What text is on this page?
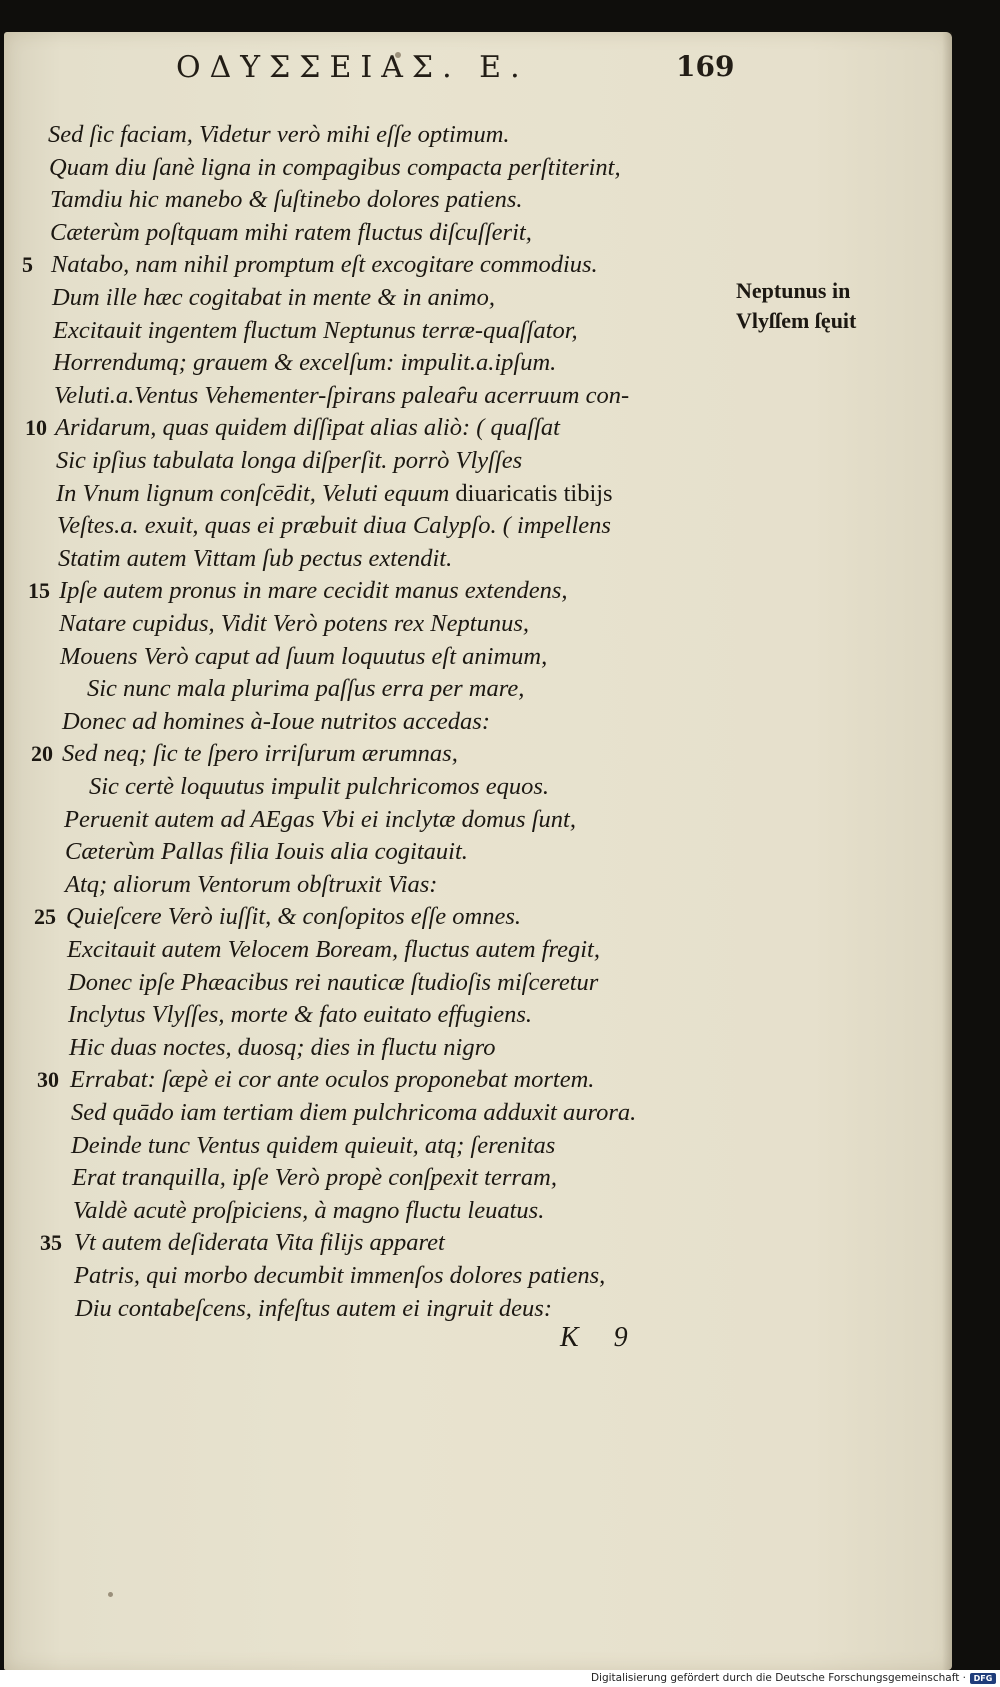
ΟΔΥΣΣΕΙΑΣ. Ε.	169
Sed ſic faciam, Videtur verò mihi eſſe optimum.
Quam diu ſanè ligna in compagibus compacta perſtiterint,
Tamdiu hic manebo & ſuſtinebo dolores patiens.
Cæterùm poſtquam mihi ratem fluctus diſcuſſerit,
Natabo, nam nihil promptum eſt excogitare commodius.
5
Dum ille hæc cogitabat in mente & in animo,
Excitauit ingentem fluctum Neptunus terræ-quaſſator,
Horrendumq; grauem & excelſum: impulit.a.ipſum.
Veluti.a.Ventus Vehementer-ſpirans paleaȓu acerruum con-
Aridarum, quas quidem diſſipat alias aliò: ( quaſſat
10
Sic ipſius tabulata longa diſperſit. porrò Vlyſſes
In Vnum lignum conſcēdit, Veluti equum diuaricatis tibijs
Veſtes.a. exuit, quas ei præbuit diua Calypſo. ( impellens
Statim autem Vittam ſub pectus extendit.
Ipſe autem pronus in mare cecidit manus extendens,
15
Natare cupidus, Vidit Verò potens rex Neptunus,
Mouens Verò caput ad ſuum loquutus eſt animum,
Sic nunc mala plurima paſſus erra per mare,
Donec ad homines à-Ioue nutritos accedas:
Sed neq; ſic te ſpero irriſurum ærumnas,
20
Sic certè loquutus impulit pulchricomos equos.
Peruenit autem ad AEgas Vbi ei inclytæ domus ſunt,
Cæterùm Pallas filia Iouis alia cogitauit.
Atq; aliorum Ventorum obſtruxit Vias:
Quieſcere Verò iuſſit, & conſopitos eſſe omnes.
25
Excitauit autem Velocem Boream, fluctus autem fregit,
Donec ipſe Phæacibus rei nauticæ ſtudioſis miſceretur
Inclytus Vlyſſes, morte & fato euitato effugiens.
Hic duas noctes, duosq; dies in fluctu nigro
Errabat: ſæpè ei cor ante oculos proponebat mortem.
30
Sed quādo iam tertiam diem pulchricoma adduxit aurora.
Deinde tunc Ventus quidem quieuit, atq; ſerenitas
Erat tranquilla, ipſe Verò propè conſpexit terram,
Valdè acutè proſpiciens, à magno fluctu leuatus.
Vt autem deſiderata Vita filijs apparet
35
Patris, qui morbo decumbit immenſos dolores patiens,
Diu contabeſcens, infeſtus autem ei ingruit deus:
Neptunus in
Vlyſſem ſęuit
K 9
Digitalisierung gefördert durch die Deutsche Forschungsgemeinschaft · DFG
